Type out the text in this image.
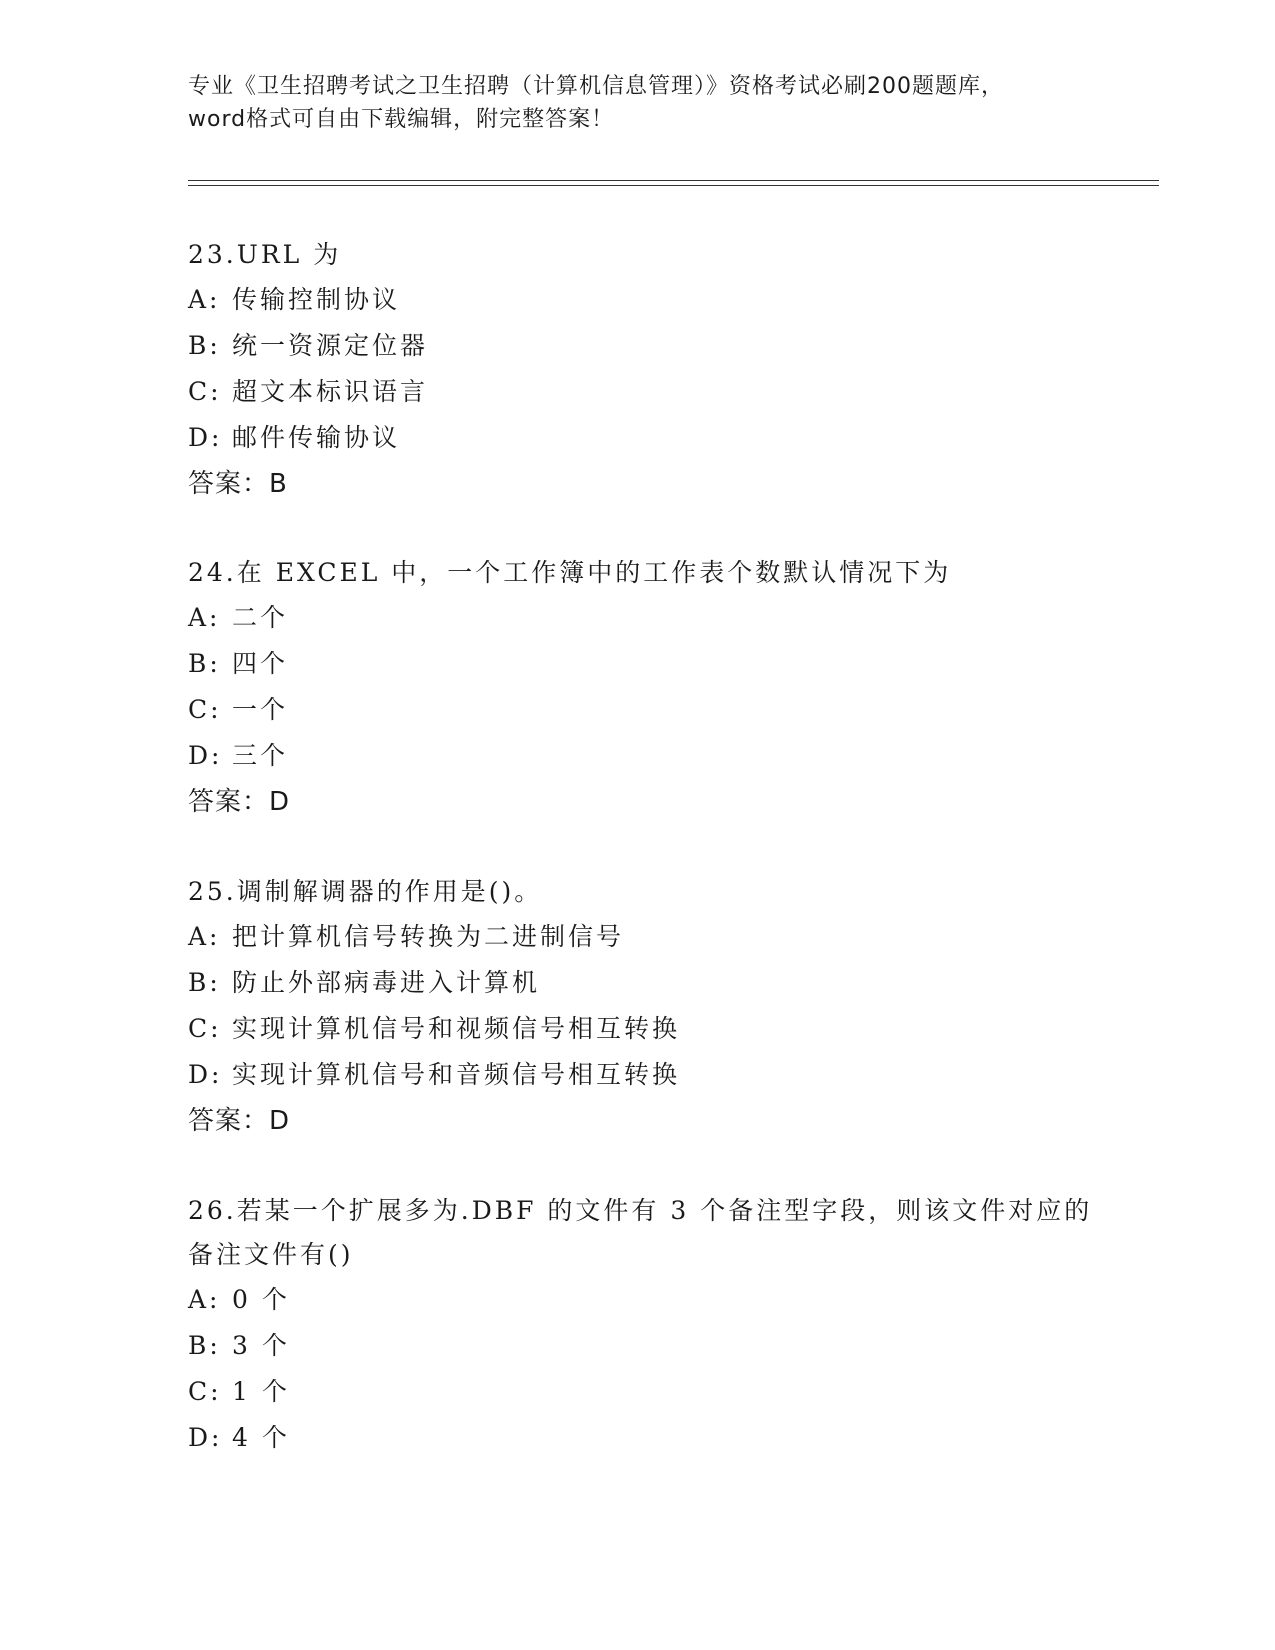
专业《卫生招聘考试之卫生招聘（计算机信息管理）》资格考试必刷200题题库，
word格式可自由下载编辑，附完整答案！
23.URL 为
A: 传输控制协议
B: 统一资源定位器
C: 超文本标识语言
D: 邮件传输协议
答案：B
24.在 EXCEL 中，一个工作簿中的工作表个数默认情况下为
A: 二个
B: 四个
C: 一个
D: 三个
答案：D
25.调制解调器的作用是()。
A: 把计算机信号转换为二进制信号
B: 防止外部病毒进入计算机
C: 实现计算机信号和视频信号相互转换
D: 实现计算机信号和音频信号相互转换
答案：D
26.若某一个扩展多为.DBF 的文件有 3 个备注型字段，则该文件对应的
备注文件有()
A: 0 个
B: 3 个
C: 1 个
D: 4 个
